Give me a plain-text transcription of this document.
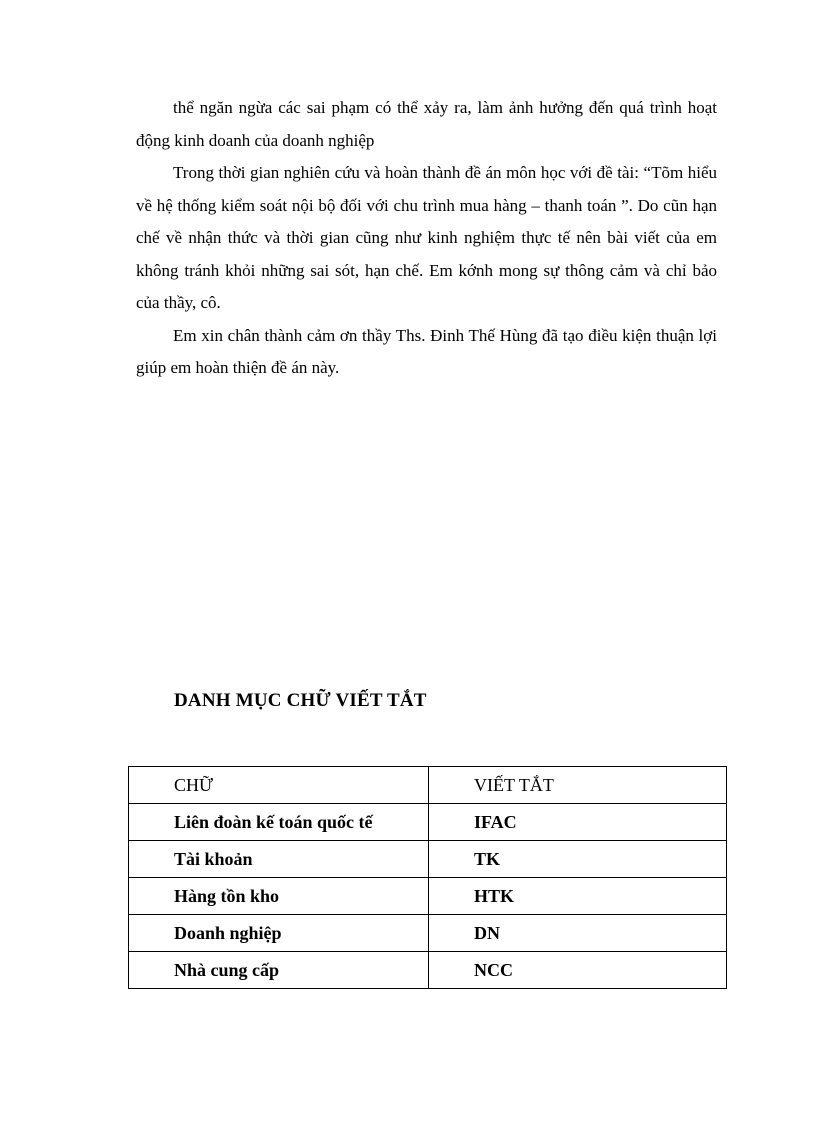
thể ngăn ngừa các sai phạm có thể xảy ra, làm ảnh hưởng đến quá trình hoạt động kinh doanh của doanh nghiệp

Trong thời gian nghiên cứu và hoàn thành đề án môn học với đề tài: “Tõm hiểu về hệ thống kiểm soát nội bộ đối với chu trình mua hàng – thanh toán ”. Do cũn hạn chế về nhận thức và thời gian cũng như kinh nghiệm thực tế nên bài viết của em không tránh khỏi những sai sót, hạn chế. Em kớnh mong sự thông cảm và chỉ bảo của thầy, cô.

Em xin chân thành cảm ơn thầy Ths. Đinh Thế Hùng đã tạo điều kiện thuận lợi giúp em hoàn thiện đề án này.

DANH MỤC CHỮ VIẾT TẮT
CHỮ	VIẾT TẮT
Liên đoàn kế toán quốc tế	IFAC
Tài khoản	TK
Hàng tồn kho	HTK
Doanh nghiệp	DN
Nhà cung cấp	NCC
